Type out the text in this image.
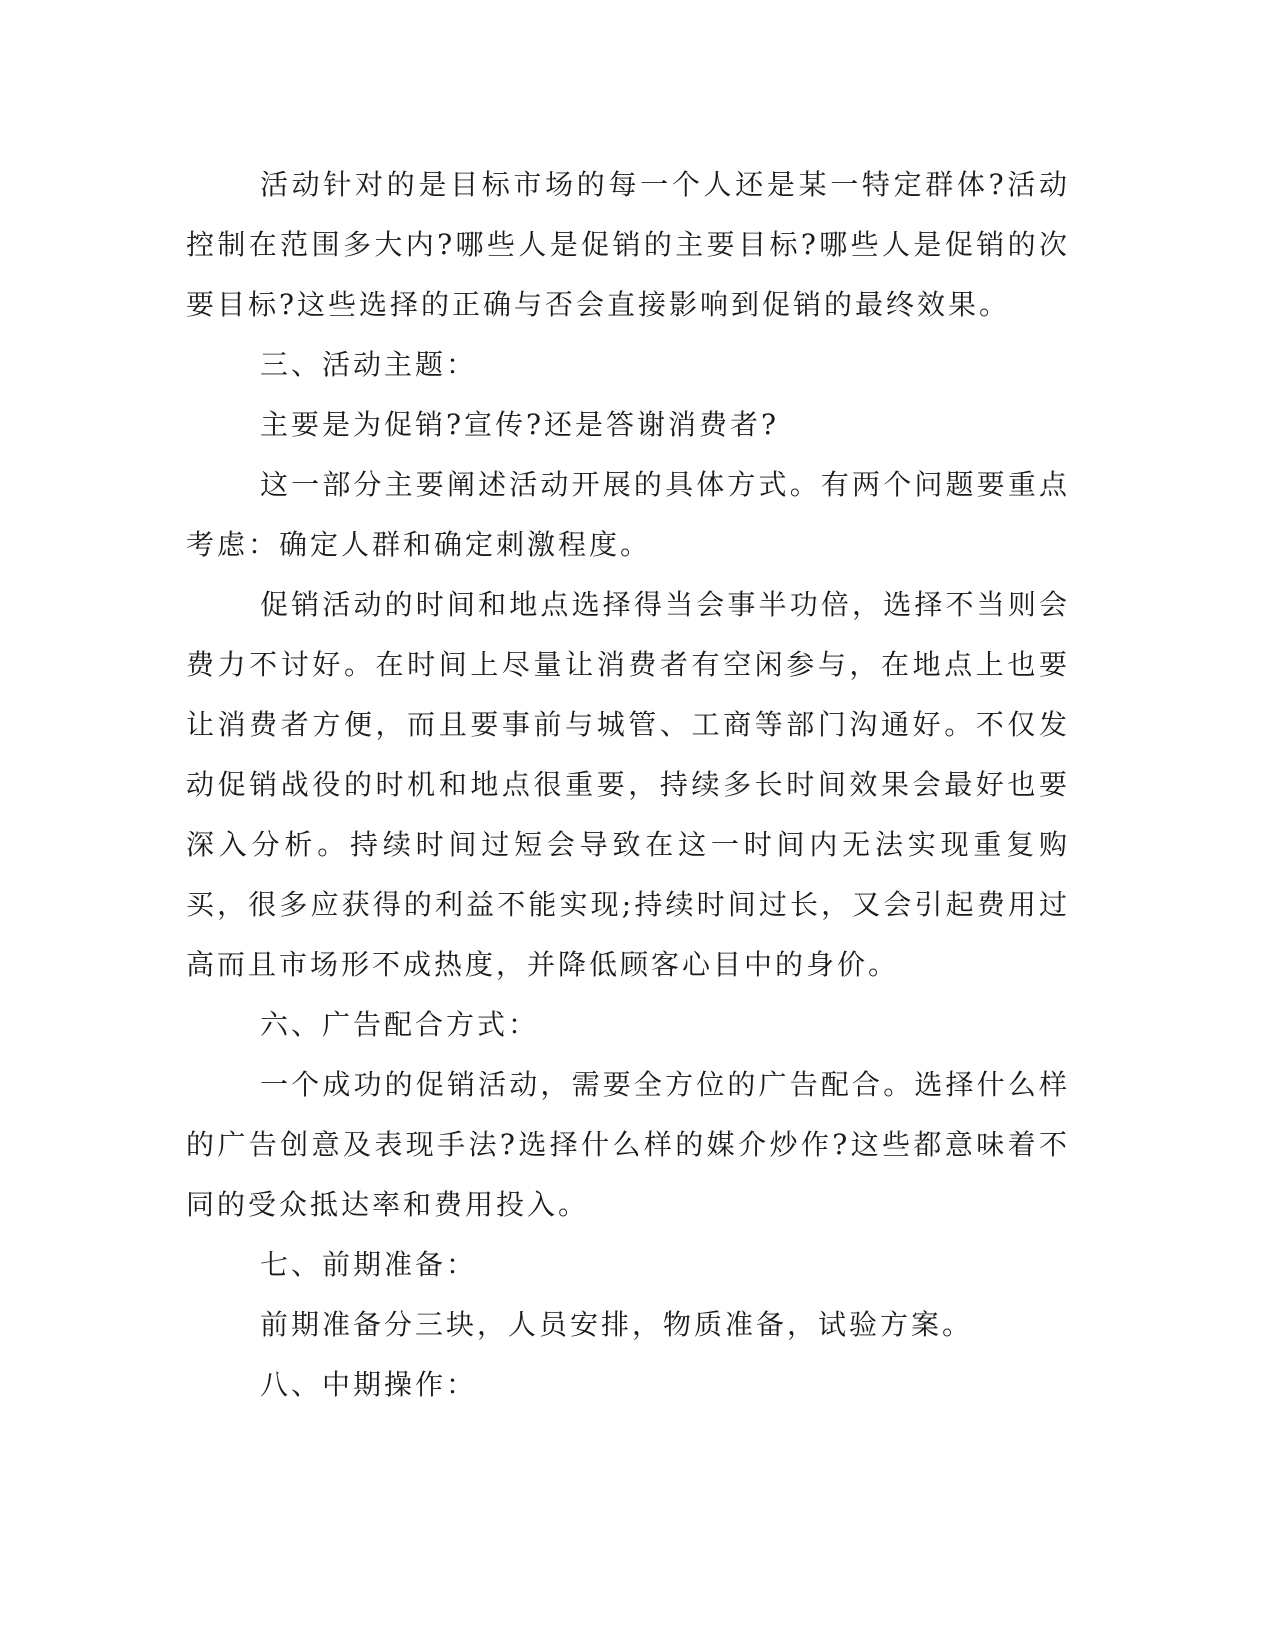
活动针对的是目标市场的每一个人还是某一特定群体?活动控制在范围多大内?哪些人是促销的主要目标?哪些人是促销的次要目标?这些选择的正确与否会直接影响到促销的最终效果。

三、活动主题：

主要是为促销?宣传?还是答谢消费者?

这一部分主要阐述活动开展的具体方式。有两个问题要重点考虑：确定人群和确定刺激程度。

促销活动的时间和地点选择得当会事半功倍，选择不当则会费力不讨好。在时间上尽量让消费者有空闲参与，在地点上也要让消费者方便，而且要事前与城管、工商等部门沟通好。不仅发动促销战役的时机和地点很重要，持续多长时间效果会最好也要深入分析。持续时间过短会导致在这一时间内无法实现重复购买，很多应获得的利益不能实现;持续时间过长，又会引起费用过高而且市场形不成热度，并降低顾客心目中的身价。

六、广告配合方式：

一个成功的促销活动，需要全方位的广告配合。选择什么样的广告创意及表现手法?选择什么样的媒介炒作?这些都意味着不同的受众抵达率和费用投入。

七、前期准备：

前期准备分三块，人员安排，物质准备，试验方案。

八、中期操作：
